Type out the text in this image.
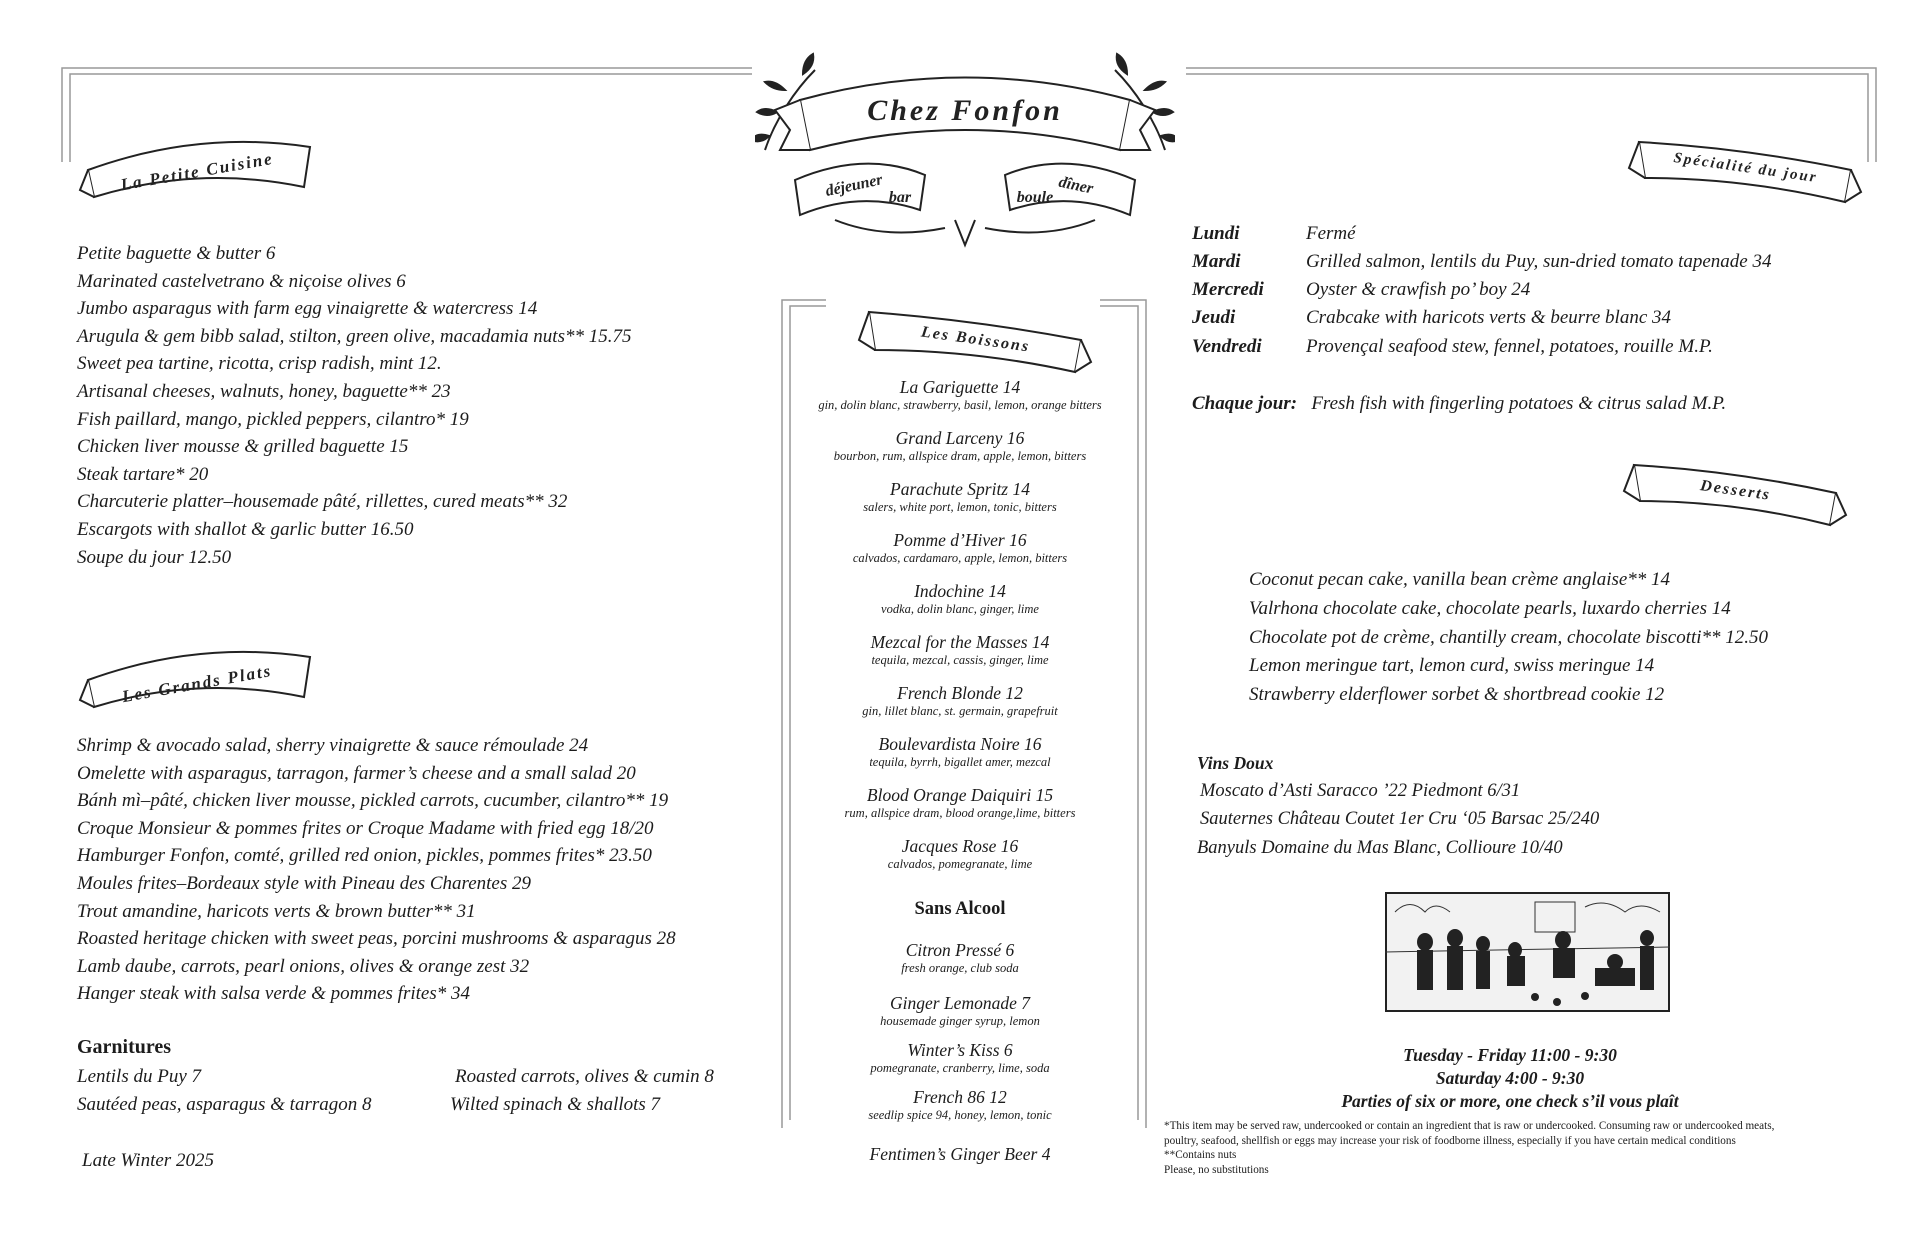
Chez Fonfon
déjeuner	dîner
bar	boule
La Petite Cuisine
Les Grands Plats
Les Boissons
Spécialité du jour
Desserts
Petite baguette & butter 6
Marinated castelvetrano & niçoise olives 6
Jumbo asparagus with farm egg vinaigrette & watercress 14
Arugula & gem bibb salad, stilton, green olive, macadamia nuts** 15.75
Sweet pea tartine, ricotta, crisp radish, mint 12.
Artisanal cheeses, walnuts, honey, baguette** 23
Fish paillard, mango, pickled peppers, cilantro* 19
Chicken liver mousse & grilled baguette 15
Steak tartare* 20
Charcuterie platter–housemade pâté, rillettes, cured meats** 32
Escargots with shallot & garlic butter 16.50
Soupe du jour 12.50
Shrimp & avocado salad, sherry vinaigrette & sauce rémoulade 24
Omelette with asparagus, tarragon, farmer’s cheese and a small salad 20
Bánh mì–pâté, chicken liver mousse, pickled carrots, cucumber, cilantro** 19
Croque Monsieur & pommes frites or Croque Madame with fried egg 18/20
Hamburger Fonfon, comté, grilled red onion, pickles, pommes frites* 23.50
Moules frites–Bordeaux style with Pineau des Charentes 29
Trout amandine, haricots verts & brown butter** 31
Roasted heritage chicken with sweet peas, porcini mushrooms & asparagus 28
Lamb daube, carrots, pearl onions, olives & orange zest 32
Hanger steak with salsa verde & pommes frites* 34
Garnitures
Lentils du Puy 7	Roasted carrots, olives & cumin 8
Sautéed peas, asparagus & tarragon 8	Wilted spinach & shallots 7
Late Winter 2025
La Gariguette 14
gin, dolin blanc, strawberry, basil, lemon, orange bitters
Grand Larceny 16
bourbon, rum, allspice dram, apple, lemon, bitters
Parachute Spritz 14
salers, white port, lemon, tonic, bitters
Pomme d’Hiver 16
calvados, cardamaro, apple, lemon, bitters
Indochine 14
vodka, dolin blanc, ginger, lime
Mezcal for the Masses 14
tequila, mezcal, cassis, ginger, lime
French Blonde 12
gin, lillet blanc, st. germain, grapefruit
Boulevardista Noire 16
tequila, byrrh, bigallet amer, mezcal
Blood Orange Daiquiri 15
rum, allspice dram, blood orange,lime, bitters
Jacques Rose 16
calvados, pomegranate, lime
Sans Alcool
Citron Pressé 6
fresh orange, club soda
Ginger Lemonade 7
housemade ginger syrup, lemon
Winter’s Kiss 6
pomegranate, cranberry, lime, soda
French 86 12
seedlip spice 94, honey, lemon, tonic
Fentimen’s Ginger Beer 4
Lundi	Fermé
Mardi	Grilled salmon, lentils du Puy, sun-dried tomato tapenade 34
Mercredi Oyster & crawfish po’ boy 24
Jeudi	Crabcake with haricots verts & beurre blanc 34
Vendredi Provençal seafood stew, fennel, potatoes, rouille M.P.
Chaque jour: Fresh fish with fingerling potatoes & citrus salad M.P.
Coconut pecan cake, vanilla bean crème anglaise** 14
Valrhona chocolate cake, chocolate pearls, luxardo cherries 14
Chocolate pot de crème, chantilly cream, chocolate biscotti** 12.50
Lemon meringue tart, lemon curd, swiss meringue 14
Strawberry elderflower sorbet & shortbread cookie 12
Vins Doux
Moscato d’Asti Saracco ’22 Piedmont 6/31
Sauternes Château Coutet 1er Cru ‘05 Barsac 25/240
Banyuls Domaine du Mas Blanc, Collioure 10/40
Tuesday - Friday 11:00 - 9:30
Saturday 4:00 - 9:30
Parties of six or more, one check s’il vous plaît
*This item may be served raw, undercooked or contain an ingredient that is raw or undercooked. Consuming raw or undercooked meats,
poultry, seafood, shellfish or eggs may increase your risk of foodborne illness, especially if you have certain medical conditions
**Contains nuts
Please, no substitutions
